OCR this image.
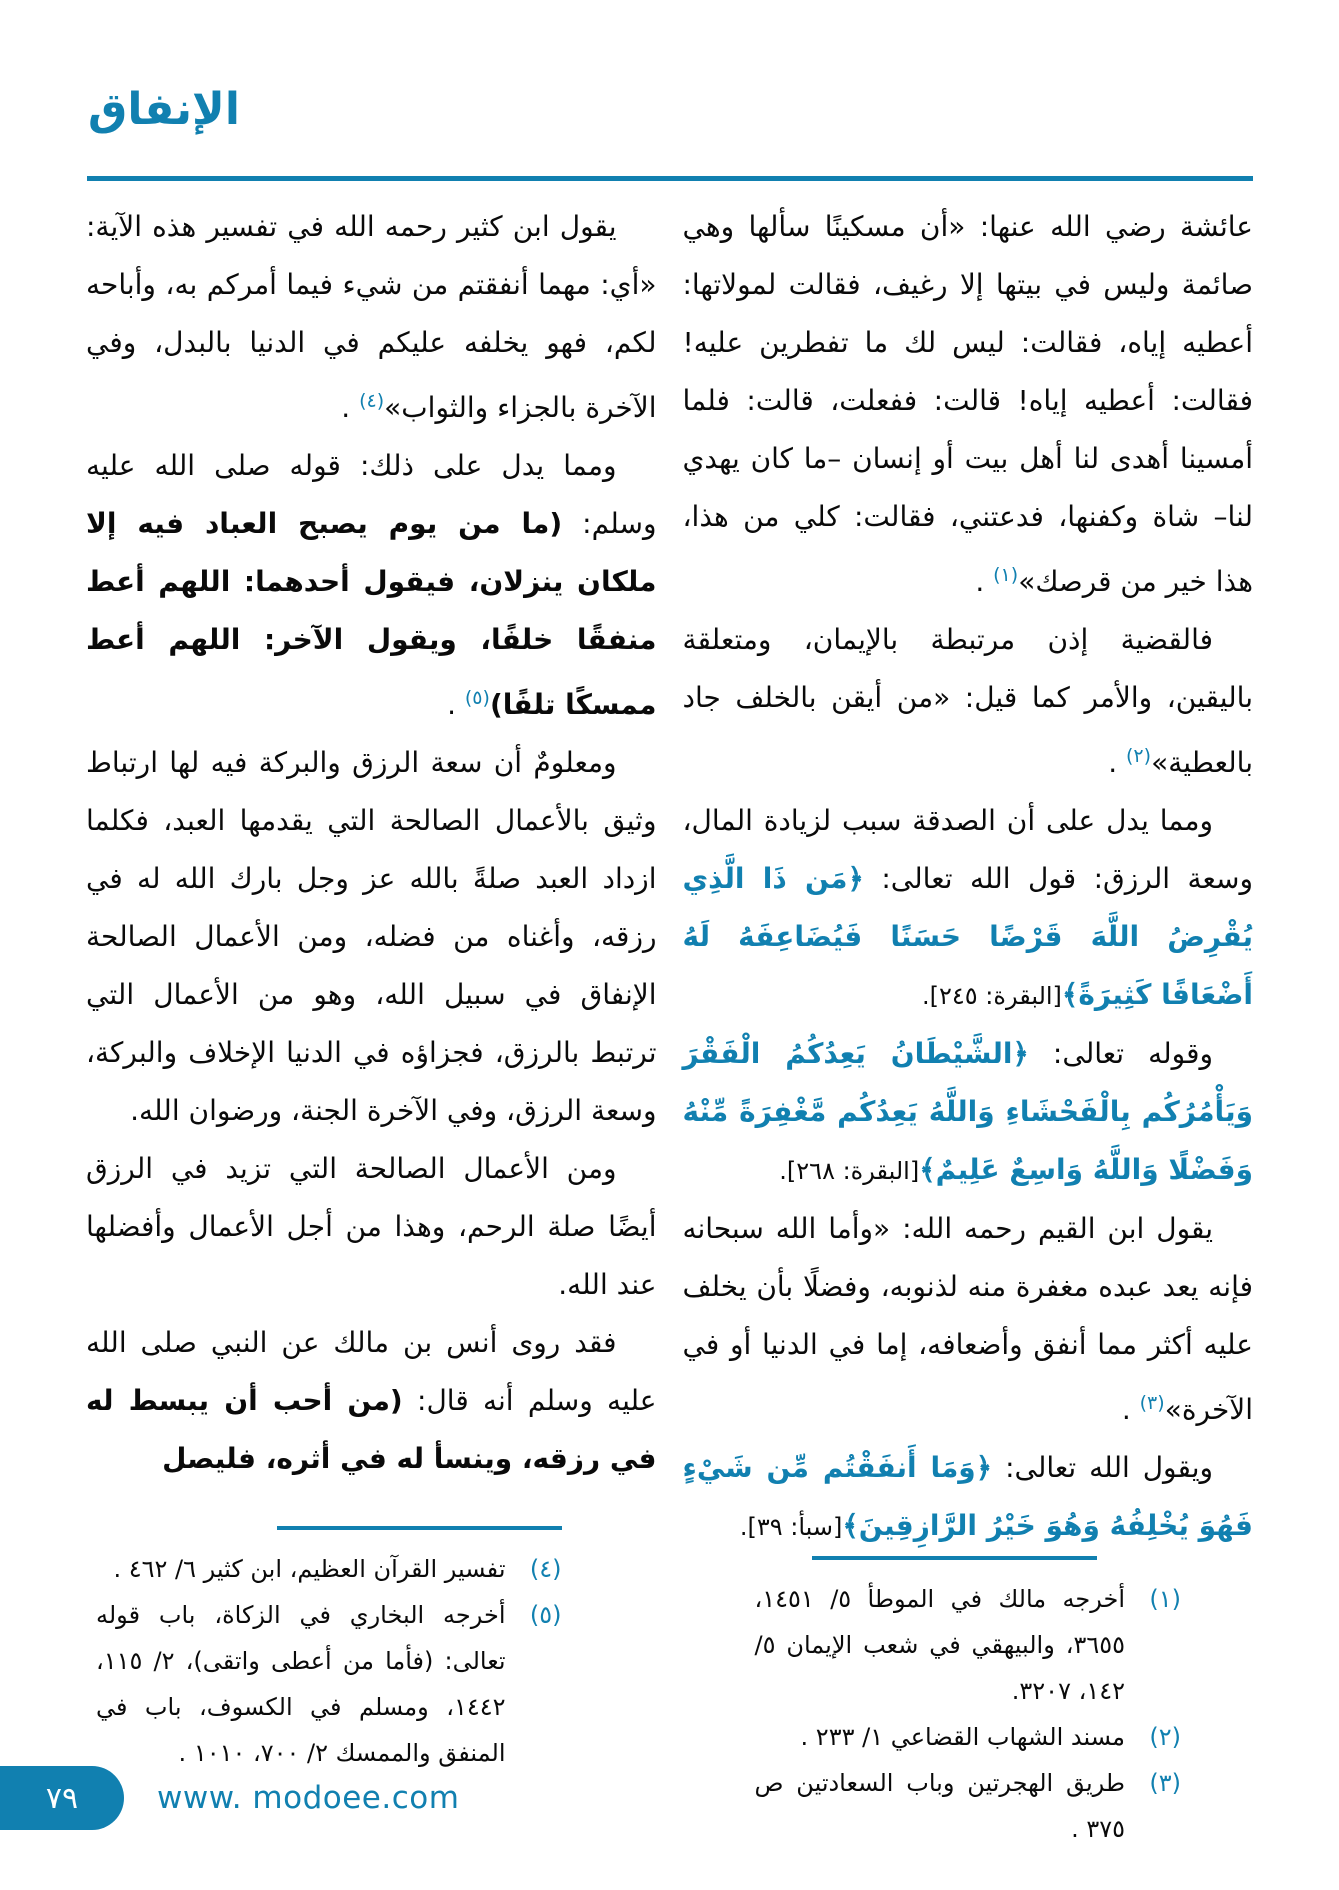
الإنفاق

عائشة رضي الله عنها: «أن مسكينًا سألها وهي صائمة وليس في بيتها إلا رغيف، فقالت لمولاتها: أعطيه إياه، فقالت: ليس لك ما تفطرين عليه! فقالت: أعطيه إياه! قالت: ففعلت، قالت: فلما أمسينا أهدى لنا أهل بيت أو إنسان –ما كان يهدي لنا– شاة وكفنها، فدعتني، فقالت: كلي من هذا، هذا خير من قرصك»$^{(١)}$ .

فالقضية إذن مرتبطة بالإيمان، ومتعلقة باليقين، والأمر كما قيل: «من أيقن بالخلف جاد بالعطية»$^{(٢)}$ .

ومما يدل على أن الصدقة سبب لزيادة المال، وسعة الرزق: قول الله تعالى: ﴿مَن ذَا الَّذِي يُقْرِضُ اللَّهَ قَرْضًا حَسَنًا فَيُضَاعِفَهُ لَهُ أَضْعَافًا كَثِيرَةً﴾[البقرة: ٢٤٥].

وقوله تعالى: ﴿الشَّيْطَانُ يَعِدُكُمُ الْفَقْرَ وَيَأْمُرُكُم بِالْفَحْشَاءِ وَاللَّهُ يَعِدُكُم مَّغْفِرَةً مِّنْهُ وَفَضْلًا وَاللَّهُ وَاسِعٌ عَلِيمٌ﴾[البقرة: ٢٦٨].

يقول ابن القيم رحمه الله: «وأما الله سبحانه فإنه يعد عبده مغفرة منه لذنوبه، وفضلًا بأن يخلف عليه أكثر مما أنفق وأضعافه، إما في الدنيا أو في الآخرة»$^{(٣)}$ .

ويقول الله تعالى: ﴿وَمَا أَنفَقْتُم مِّن شَيْءٍ فَهُوَ يُخْلِفُهُ وَهُوَ خَيْرُ الرَّازِقِينَ﴾[سبأ: ٣٩].

(١)
أخرجه مالك في الموطأ ٥/ ١٤٥١، ٣٦٥٥، والبيهقي في شعب الإيمان ٥/ ١٤٢، ٣٢٠٧.
(٢)
مسند الشهاب القضاعي ١/ ٢٣٣ .
(٣)
طريق الهجرتين وباب السعادتين ص ٣٧٥ .

يقول ابن كثير رحمه الله في تفسير هذه الآية: «أي: مهما أنفقتم من شيء فيما أمركم به، وأباحه لكم، فهو يخلفه عليكم في الدنيا بالبدل، وفي الآخرة بالجزاء والثواب»$^{(٤)}$ .

ومما يدل على ذلك: قوله صلى الله عليه وسلم: (ما من يوم يصبح العباد فيه إلا ملكان ينزلان، فيقول أحدهما: اللهم أعط منفقًا خلفًا، ويقول الآخر: اللهم أعط ممسكًا تلفًا)$^{(٥)}$ .

ومعلومٌ أن سعة الرزق والبركة فيه لها ارتباط وثيق بالأعمال الصالحة التي يقدمها العبد، فكلما ازداد العبد صلةً بالله عز وجل بارك الله له في رزقه، وأغناه من فضله، ومن الأعمال الصالحة الإنفاق في سبيل الله، وهو من الأعمال التي ترتبط بالرزق، فجزاؤه في الدنيا الإخلاف والبركة، وسعة الرزق، وفي الآخرة الجنة، ورضوان الله.

ومن الأعمال الصالحة التي تزيد في الرزق أيضًا صلة الرحم، وهذا من أجل الأعمال وأفضلها عند الله.

فقد روى أنس بن مالك عن النبي صلى الله عليه وسلم أنه قال: (من أحب أن يبسط له في رزقه، وينسأ له في أثره، فليصل

(٤)
تفسير القرآن العظيم، ابن كثير ٦/ ٤٦٢ .
(٥)
أخرجه البخاري في الزكاة، باب قوله تعالى: (فأما من أعطى واتقى)، ٢/ ١١٥، ١٤٤٢، ومسلم في الكسوف، باب في المنفق والممسك ٢/ ٧٠٠، ١٠١٠ .
٧٩	www. modoee.com
